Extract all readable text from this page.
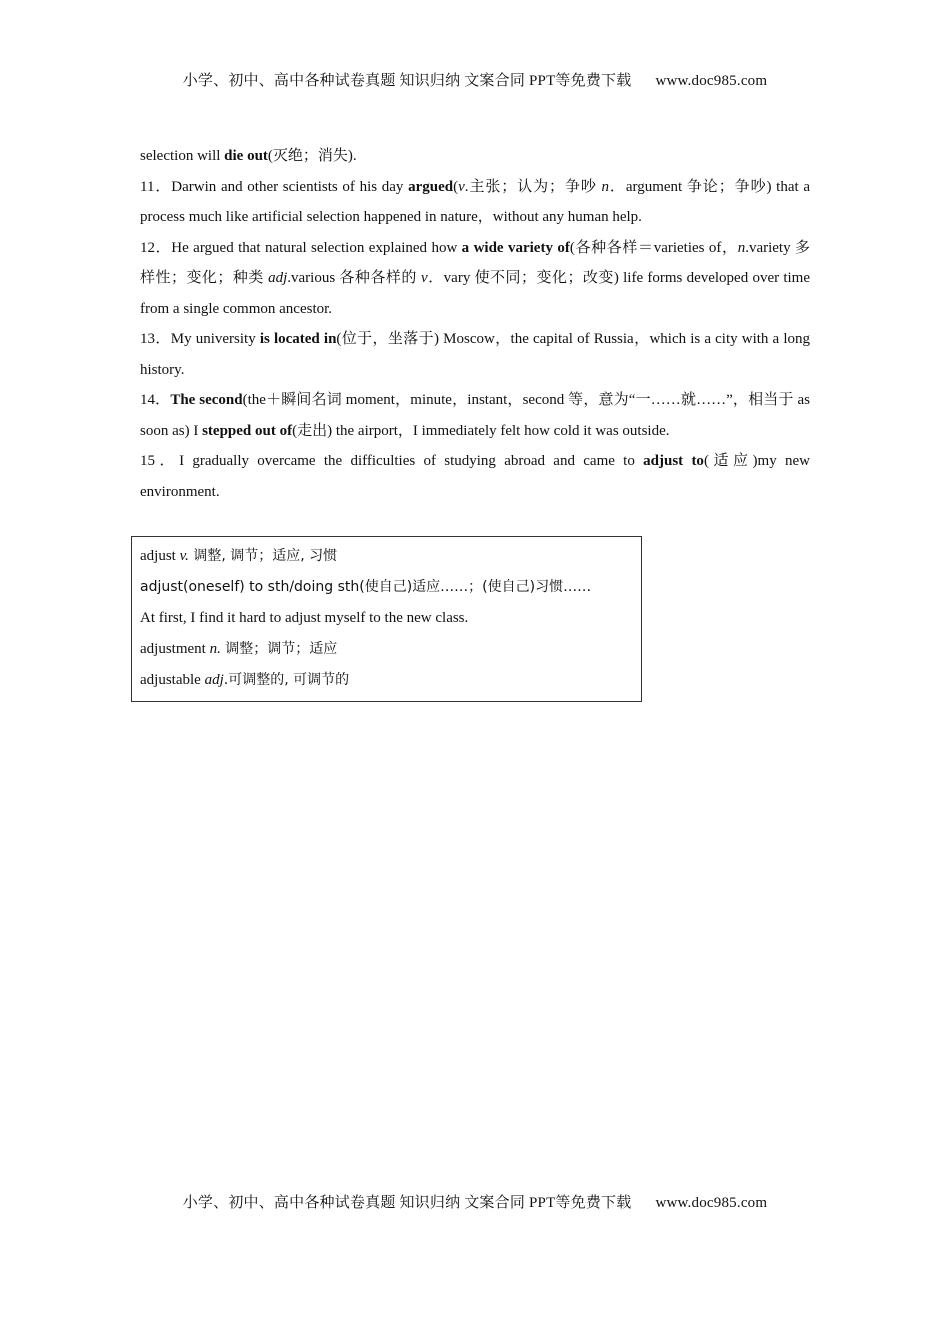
小学、初中、高中各种试卷真题 知识归纳 文案合同 PPT等免费下载 www.doc985.com

selection will die out(灭绝；消失).

11．Darwin and other scientists of his day argued(v.主张；认为；争吵 n．argument 争论；争吵) that a process much like artificial selection happened in nature，without any human help.

12．He argued that natural selection explained how a wide variety of(各种各样＝varieties of，n.variety 多样性；变化；种类 adj.various 各种各样的 v．vary 使不同；变化；改变) life forms developed over time from a single common ancestor.

13．My university is located in(位于，坐落于) Moscow，the capital of Russia，which is a city with a long history.

14．The second(the＋瞬间名词 moment，minute，instant，second 等，意为“一……就……”，相当于 as soon as) I stepped out of(走出) the airport，I immediately felt how cold it was outside.

15．I gradually overcame the difficulties of studying abroad and came to adjust to(适应)my new environment.

adjust v. 调整, 调节；适应, 习惯
adjust(oneself) to sth/doing sth(使自己)适应……；(使自己)习惯……
At first, I find it hard to adjust myself to the new class.
adjustment n. 调整；调节；适应
adjustable adj.可调整的, 可调节的
小学、初中、高中各种试卷真题 知识归纳 文案合同 PPT等免费下载 www.doc985.com
